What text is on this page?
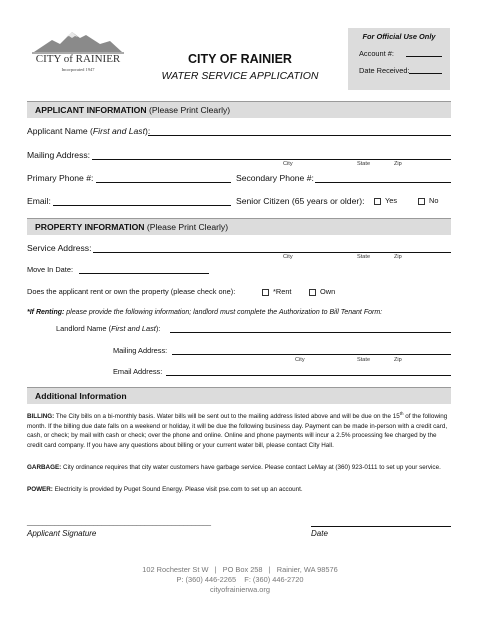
CITY of RAINIER
Incorporated 1947
CITY OF RAINIER
WATER SERVICE APPLICATION
For Official Use Only
Account #:
Date Received:
APPLICANT INFORMATION (Please Print Clearly)
Applicant Name (First and Last):
Mailing Address:
City	State	Zip
Primary Phone #:	Secondary Phone #:
Email:	Senior Citizen (65 years or older):	Yes	No
PROPERTY INFORMATION (Please Print Clearly)
Service Address:
City	State	Zip
Move In Date:
Does the applicant rent or own the property (please check one):	*Rent	Own
*If Renting: please provide the following information; landlord must complete the Authorization to Bill Tenant Form:
Landlord Name (First and Last):
Mailing Address:
City	State	Zip
Email Address:
Additional Information
BILLING: The City bills on a bi-monthly basis. Water bills will be sent out to the mailing address listed above and will be due on the 15th of the following month. If the billing due date falls on a weekend or holiday, it will be due the following business day. Payment can be made in-person with a credit card, cash, or check; by mail with cash or check; over the phone and online. Online and phone payments will incur a 2.5% processing fee charged by the credit card company. If you have any questions about billing or your current water bill, please contact City Hall.
GARBAGE: City ordinance requires that city water customers have garbage service. Please contact LeMay at (360) 923-0111 to set up your service.
POWER: Electricity is provided by Puget Sound Energy. Please visit pse.com to set up an account.
_______________________________________________
Applicant Signature	Date
102 Rochester St W   |   PO Box 258   |   Rainier, WA 98576
P: (360) 446-2265    F: (360) 446-2720
cityofrainierwa.org
